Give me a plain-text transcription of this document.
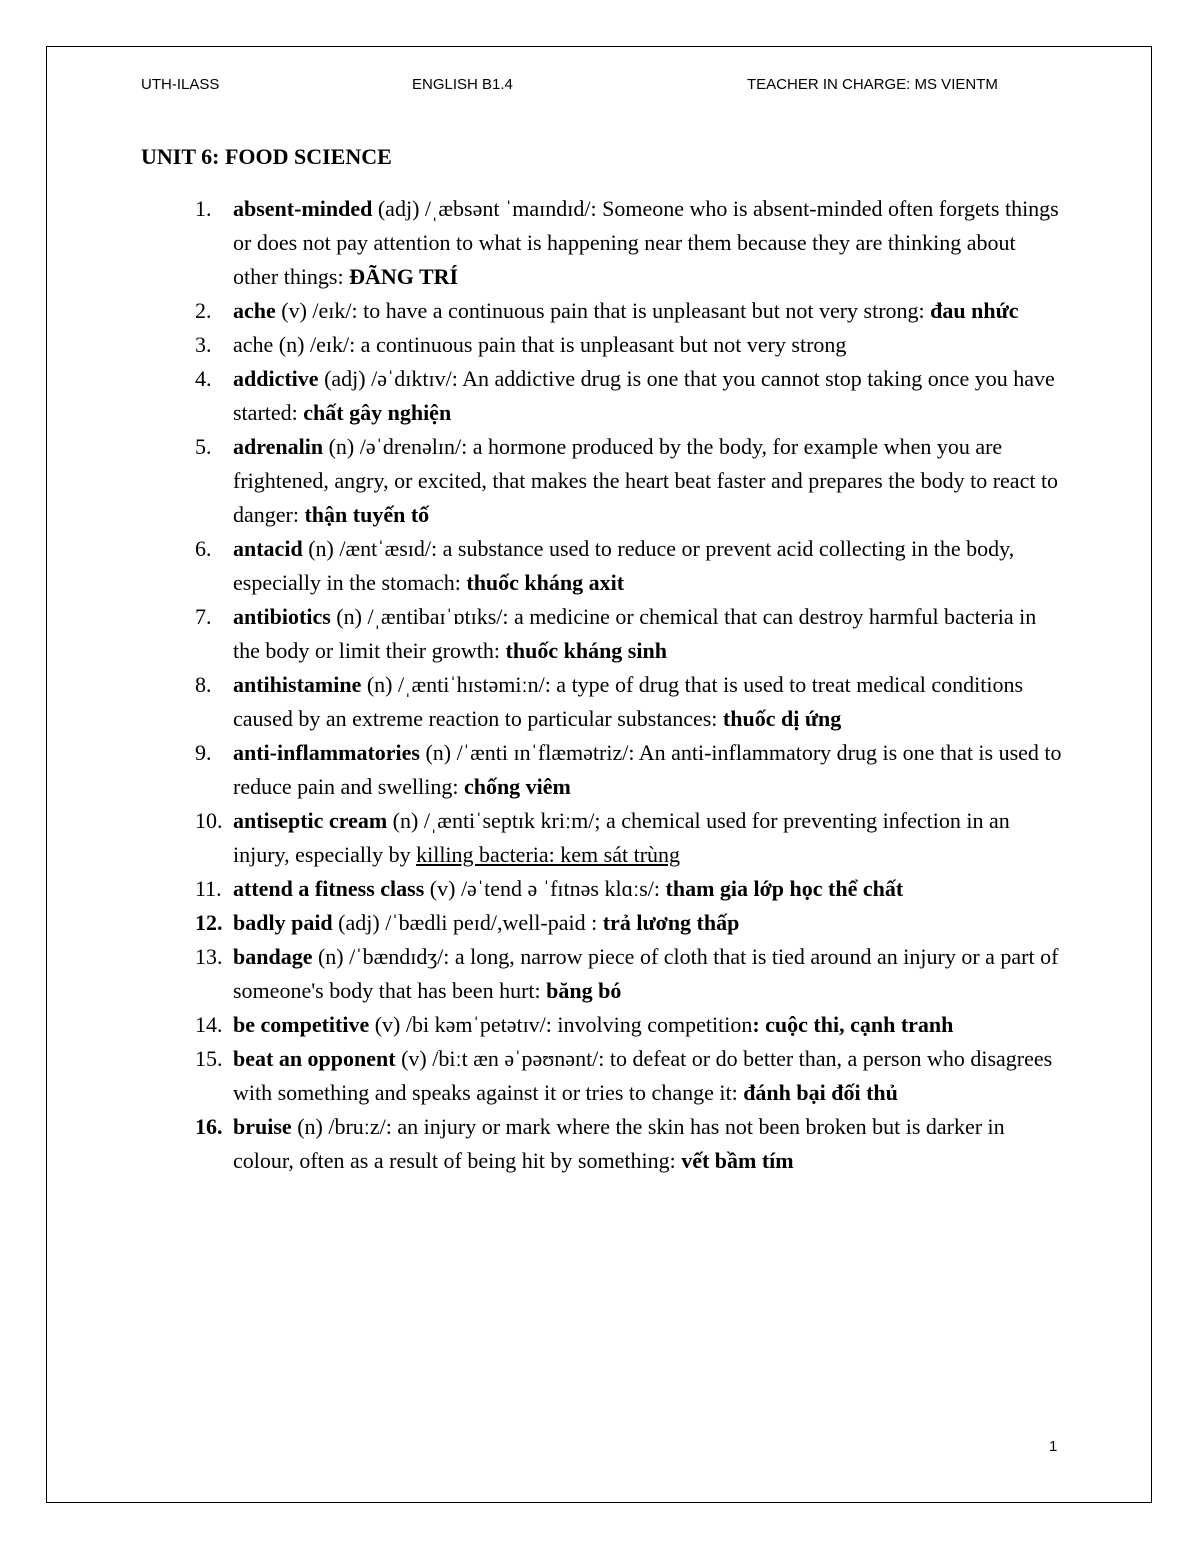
UTH-ILASS	ENGLISH B1.4	TEACHER IN CHARGE: MS VIENTM
UNIT 6: FOOD SCIENCE
1. absent-minded (adj) /ˌæbsənt ˈmaɪndɪd/: Someone who is absent-minded often forgets things or does not pay attention to what is happening near them because they are thinking about other things: ĐÃNG TRÍ
2. ache (v) /eɪk/: to have a continuous pain that is unpleasant but not very strong: đau nhức
3. ache (n) /eɪk/: a continuous pain that is unpleasant but not very strong
4. addictive (adj) /əˈdɪktɪv/: An addictive drug is one that you cannot stop taking once you have started: chất gây nghiện
5. adrenalin (n) /əˈdrenəlɪn/: a hormone produced by the body, for example when you are frightened, angry, or excited, that makes the heart beat faster and prepares the body to react to danger: thận tuyến tố
6. antacid (n) /æntˈæsɪd/: a substance used to reduce or prevent acid collecting in the body, especially in the stomach: thuốc kháng axit
7. antibiotics (n) /ˌæntibaɪˈɒtɪks/: a medicine or chemical that can destroy harmful bacteria in the body or limit their growth: thuốc kháng sinh
8. antihistamine (n) /ˌæntiˈhɪstəmiːn/: a type of drug that is used to treat medical conditions caused by an extreme reaction to particular substances: thuốc dị ứng
9. anti-inflammatories (n) /ˈænti ɪnˈflæmətriz/: An anti-inflammatory drug is one that is used to reduce pain and swelling: chống viêm
10. antiseptic cream (n) /ˌæntiˈseptɪk kriːm/; a chemical used for preventing infection in an injury, especially by killing bacteria: kem sát trùng
11. attend a fitness class (v) /əˈtend ə ˈfɪtnəs klɑːs/: tham gia lớp học thể chất
12. badly paid (adj) /ˈbædli peɪd/,well-paid : trả lương thấp
13. bandage (n) /ˈbændɪdʒ/: a long, narrow piece of cloth that is tied around an injury or a part of someone's body that has been hurt: băng bó
14. be competitive (v) /bi kəmˈpetətɪv/: involving competition: cuộc thi, cạnh tranh
15. beat an opponent (v) /biːt æn əˈpəʊnənt/: to defeat or do better than, a person who disagrees with something and speaks against it or tries to change it: đánh bại đối thủ
16. bruise (n) /bruːz/: an injury or mark where the skin has not been broken but is darker in colour, often as a result of being hit by something: vết bầm tím
1
